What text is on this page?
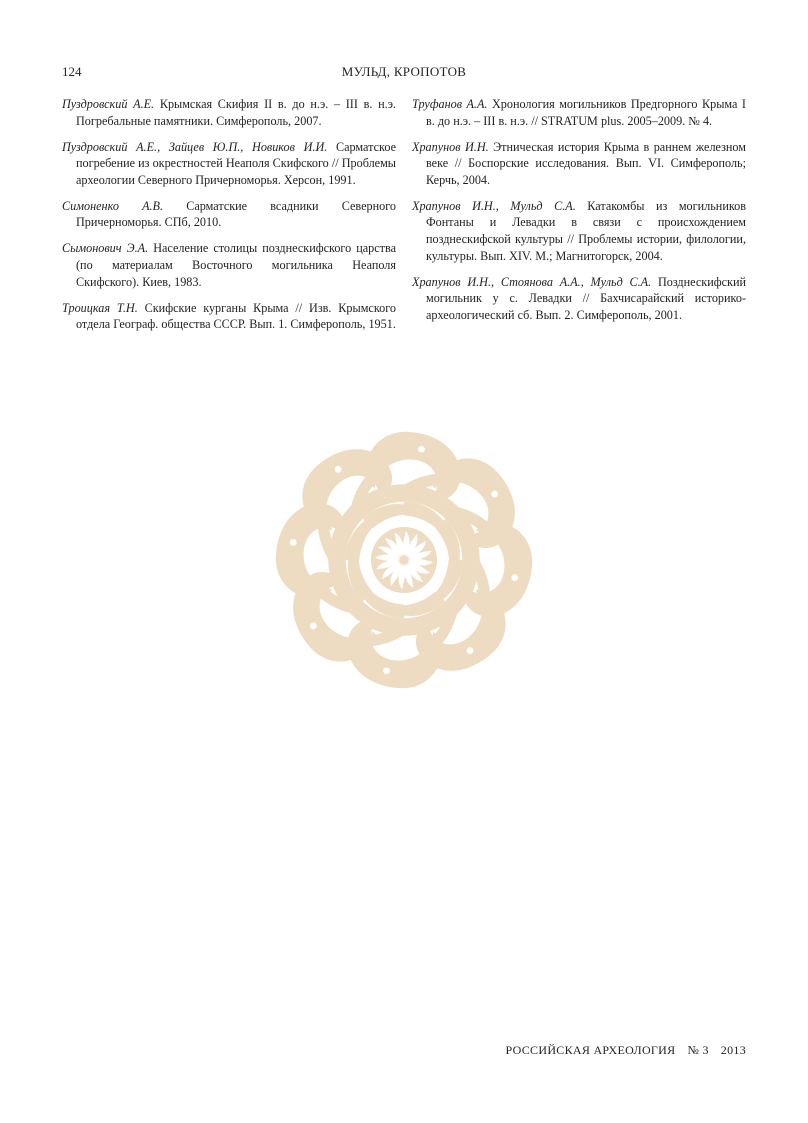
124	МУЛЬД, КРОПОТОВ

Пуздровский А.Е. Крымская Скифия II в. до н.э. – III в. н.э. Погребальные памятники. Симферополь, 2007.

Пуздровский А.Е., Зайцев Ю.П., Новиков И.И. Сарматское погребение из окрестностей Неаполя Скифского // Проблемы археологии Северного Причерноморья. Херсон, 1991.

Симоненко А.В. Сарматские всадники Северного Причерноморья. СПб, 2010.

Сымонович Э.А. Население столицы позднескифского царства (по материалам Восточного могильника Неаполя Скифского). Киев, 1983.

Троицкая Т.Н. Скифские курганы Крыма // Изв. Крымского отдела Географ. общества СССР. Вып. 1. Симферополь, 1951.

Труфанов А.А. Хронология могильников Предгорного Крыма I в. до н.э. – III в. н.э. // STRATUM plus. 2005–2009. № 4.

Храпунов И.Н. Этническая история Крыма в раннем железном веке // Боспорские исследования. Вып. VI. Симферополь; Керчь, 2004.

Храпунов И.Н., Мульд С.А. Катакомбы из могильников Фонтаны и Левадки в связи с происхождением позднескифской культуры // Проблемы истории, филологии, культуры. Вып. XIV. М.; Магнитогорск, 2004.

Храпунов И.Н., Стоянова А.А., Мульд С.А. Позднескифский могильник у с. Левадки // Бахчисарайский историко-археологический сб. Вып. 2. Симферополь, 2001.

РОССИЙСКАЯ АРХЕОЛОГИЯ № 3 2013
